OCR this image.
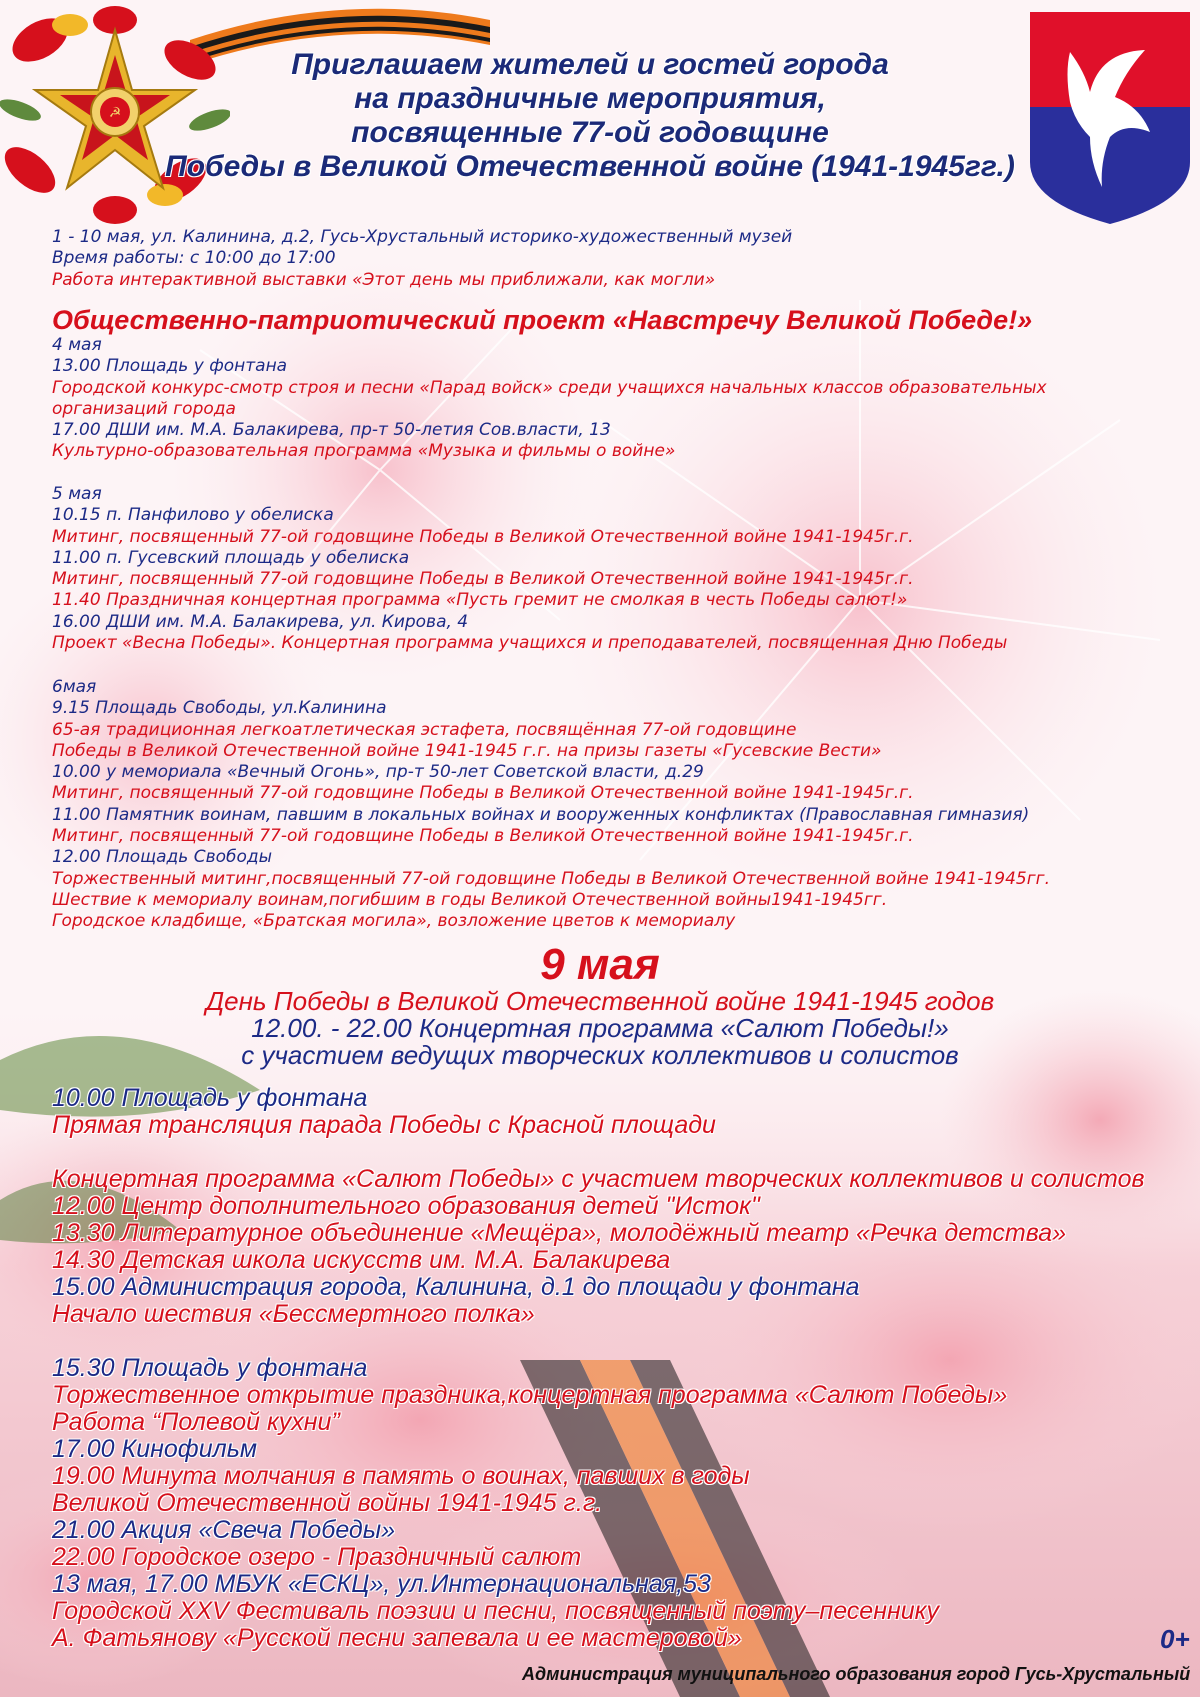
☭
Приглашаем жителей и гостей города
на праздничные мероприятия,
посвященные 77-ой годовщине
Победы в Великой Отечественной войне (1941-1945гг.)
1 - 10 мая, ул. Калинина, д.2, Гусь-Хрустальный историко-художественный музей
Время работы: с 10:00 до 17:00
Работа интерактивной выставки «Этот день мы приближали, как могли»
Общественно-патриотический проект «Навстречу Великой Победе!»
4 мая
13.00 Площадь у фонтана
Городской конкурс-смотр строя и песни «Парад войск» среди учащихся начальных классов образовательных
организаций города
17.00 ДШИ им. М.А. Балакирева, пр-т 50-летия Сов.власти, 13
Культурно-образовательная программа «Музыка и фильмы о войне»
5 мая
10.15 п. Панфилово у обелиска
Митинг, посвященный 77-ой годовщине Победы в Великой Отечественной войне 1941-1945г.г.
11.00 п. Гусевский площадь у обелиска
Митинг, посвященный 77-ой годовщине Победы в Великой Отечественной войне 1941-1945г.г.
11.40 Праздничная концертная программа «Пусть гремит не смолкая в честь Победы салют!»
16.00 ДШИ им. М.А. Балакирева, ул. Кирова, 4
Проект «Весна Победы». Концертная программа учащихся и преподавателей, посвященная Дню Победы
6мая
9.15 Площадь Свободы, ул.Калинина
65-ая традиционная легкоатлетическая эстафета, посвящённая 77-ой годовщине
Победы в Великой Отечественной войне 1941-1945 г.г. на призы газеты «Гусевские Вести»
10.00 у мемориала «Вечный Огонь», пр-т 50-лет Советской власти, д.29
Митинг, посвященный 77-ой годовщине Победы в Великой Отечественной войне 1941-1945г.г.
11.00 Памятник воинам, павшим в локальных войнах и вооруженных конфликтах (Православная гимназия)
Митинг, посвященный 77-ой годовщине Победы в Великой Отечественной войне 1941-1945г.г.
12.00 Площадь Свободы
Торжественный митинг,посвященный 77-ой годовщине Победы в Великой Отечественной войне 1941-1945гг.
Шествие к мемориалу воинам,погибшим в годы Великой Отечественной войны1941-1945гг.
Городское кладбище, «Братская могила», возложение цветов к мемориалу
9 мая
День Победы в Великой Отечественной войне 1941-1945 годов
12.00. - 22.00 Концертная программа «Салют Победы!»
с участием ведущих творческих коллективов и солистов
10.00 Площадь у фонтана
Прямая трансляция парада Победы с Красной площади
Концертная программа «Салют Победы» с участием творческих коллективов и солистов
12.00 Центр дополнительного образования детей "Исток"
13.30 Литературное объединение «Мещёра», молодёжный театр «Речка детства»
14.30 Детская школа искусств им. М.А. Балакирева
15.00 Администрация города, Калинина, д.1 до площади у фонтана
Начало шествия «Бессмертного полка»
15.30 Площадь у фонтана
Торжественное открытие праздника,концертная программа «Салют Победы»
Работа “Полевой кухни”
17.00 Кинофильм
19.00 Минута молчания в память о воинах, павших в годы
Великой Отечественной войны 1941-1945 г.г.
21.00 Акция «Свеча Победы»
22.00 Городское озеро - Праздничный салют
13 мая, 17.00 МБУК «ЕСКЦ», ул.Интернациональная,53
Городской XXV Фестиваль поэзии и песни, посвященный поэту–песеннику
А. Фатьянову «Русской песни запевала и ее мастеровой»	0+
Администрация муниципального образования город Гусь-Хрустальный
